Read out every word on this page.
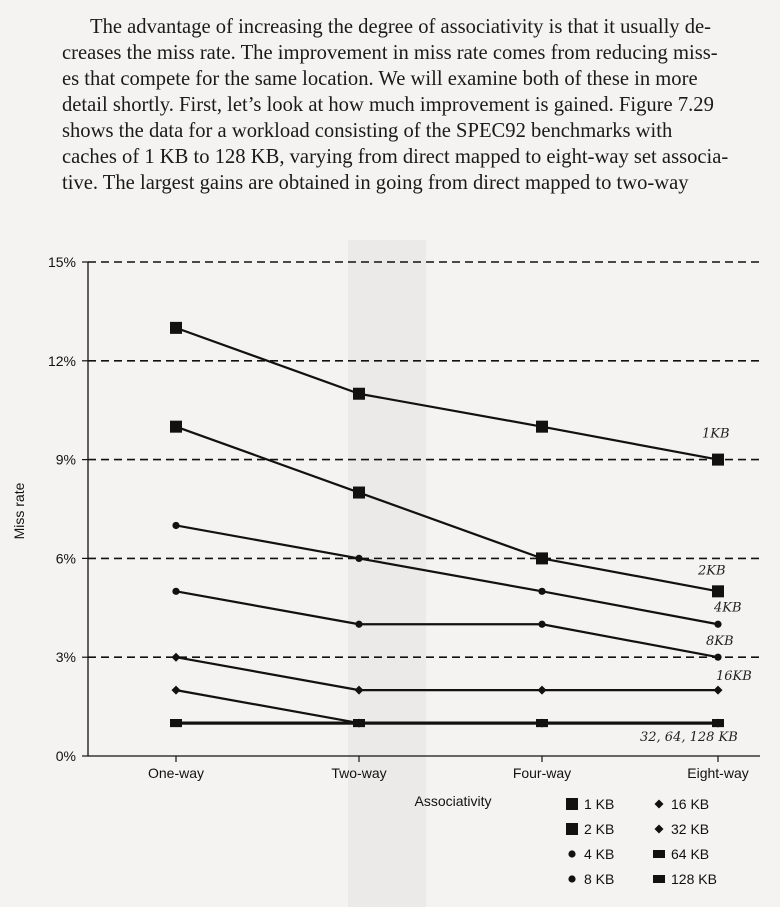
The advantage of increasing the degree of associativity is that it usually de-
creases the miss rate. The improvement in miss rate comes from reducing miss-
es that compete for the same location. We will examine both of these in more
detail shortly. First, let’s look at how much improvement is gained. Figure 7.29
shows the data for a workload consisting of the SPEC92 benchmarks with
caches of 1 KB to 128 KB, varying from direct mapped to eight-way set associa-
tive. The largest gains are obtained in going from direct mapped to two-way
Miss rate
Associativity
0%
3%
6%
9%
12%
15%
One-way	Two-way	Four-way	Eight-way
1KB
2KB
4KB
8KB
16KB
32, 64, 128 KB
1 KB
2 KB
4 KB
8 KB
16 KB
32 KB
64 KB
128 KB
